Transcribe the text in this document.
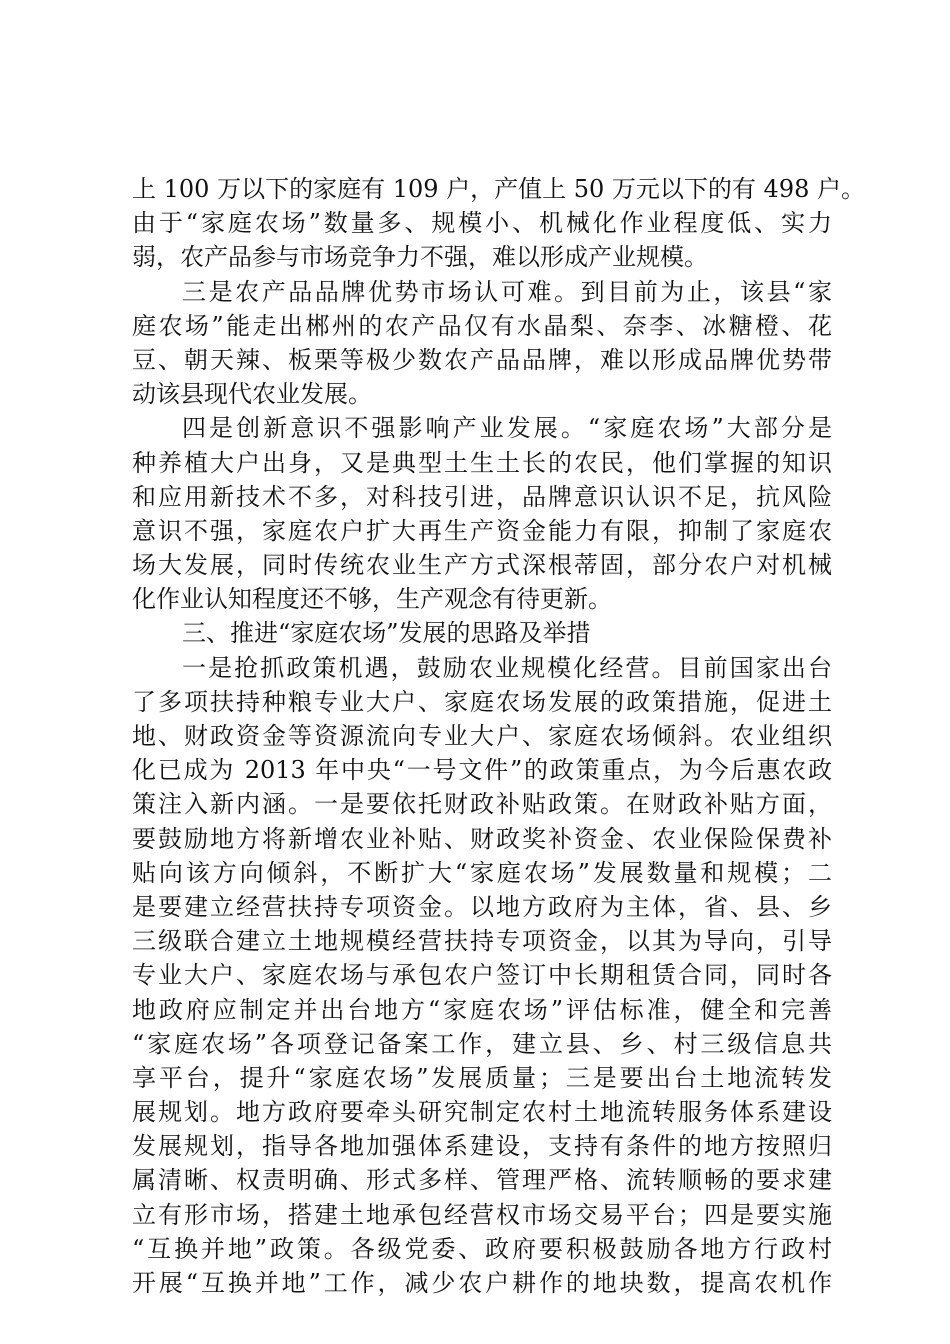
上 100 万以下的家庭有 109 户，产值上 50 万元以下的有 498 户。
由于“家庭农场”数量多、规模小、机械化作业程度低、实力
弱，农产品参与市场竞争力不强，难以形成产业规模。
三是农产品品牌优势市场认可难。到目前为止，该县“家
庭农场”能走出郴州的农产品仅有水晶梨、奈李、冰糖橙、花
豆、朝天辣、板栗等极少数农产品品牌，难以形成品牌优势带
动该县现代农业发展。
四是创新意识不强影响产业发展。“家庭农场”大部分是
种养植大户出身，又是典型土生土长的农民，他们掌握的知识
和应用新技术不多，对科技引进，品牌意识认识不足，抗风险
意识不强，家庭农户扩大再生产资金能力有限，抑制了家庭农
场大发展，同时传统农业生产方式深根蒂固，部分农户对机械
化作业认知程度还不够，生产观念有待更新。
三、推进“家庭农场”发展的思路及举措
一是抢抓政策机遇，鼓励农业规模化经营。目前国家出台
了多项扶持种粮专业大户、家庭农场发展的政策措施，促进土
地、财政资金等资源流向专业大户、家庭农场倾斜。农业组织
化已成为 2013 年中央“一号文件”的政策重点，为今后惠农政
策注入新内涵。一是要依托财政补贴政策。在财政补贴方面，
要鼓励地方将新增农业补贴、财政奖补资金、农业保险保费补
贴向该方向倾斜，不断扩大“家庭农场”发展数量和规模；二
是要建立经营扶持专项资金。以地方政府为主体，省、县、乡
三级联合建立土地规模经营扶持专项资金，以其为导向，引导
专业大户、家庭农场与承包农户签订中长期租赁合同，同时各
地政府应制定并出台地方“家庭农场”评估标准，健全和完善
“家庭农场”各项登记备案工作，建立县、乡、村三级信息共
享平台，提升“家庭农场”发展质量；三是要出台土地流转发
展规划。地方政府要牵头研究制定农村土地流转服务体系建设
发展规划，指导各地加强体系建设，支持有条件的地方按照归
属清晰、权责明确、形式多样、管理严格、流转顺畅的要求建
立有形市场，搭建土地承包经营权市场交易平台；四是要实施
“互换并地”政策。各级党委、政府要积极鼓励各地方行政村
开展“互换并地”工作，减少农户耕作的地块数，提高农机作
